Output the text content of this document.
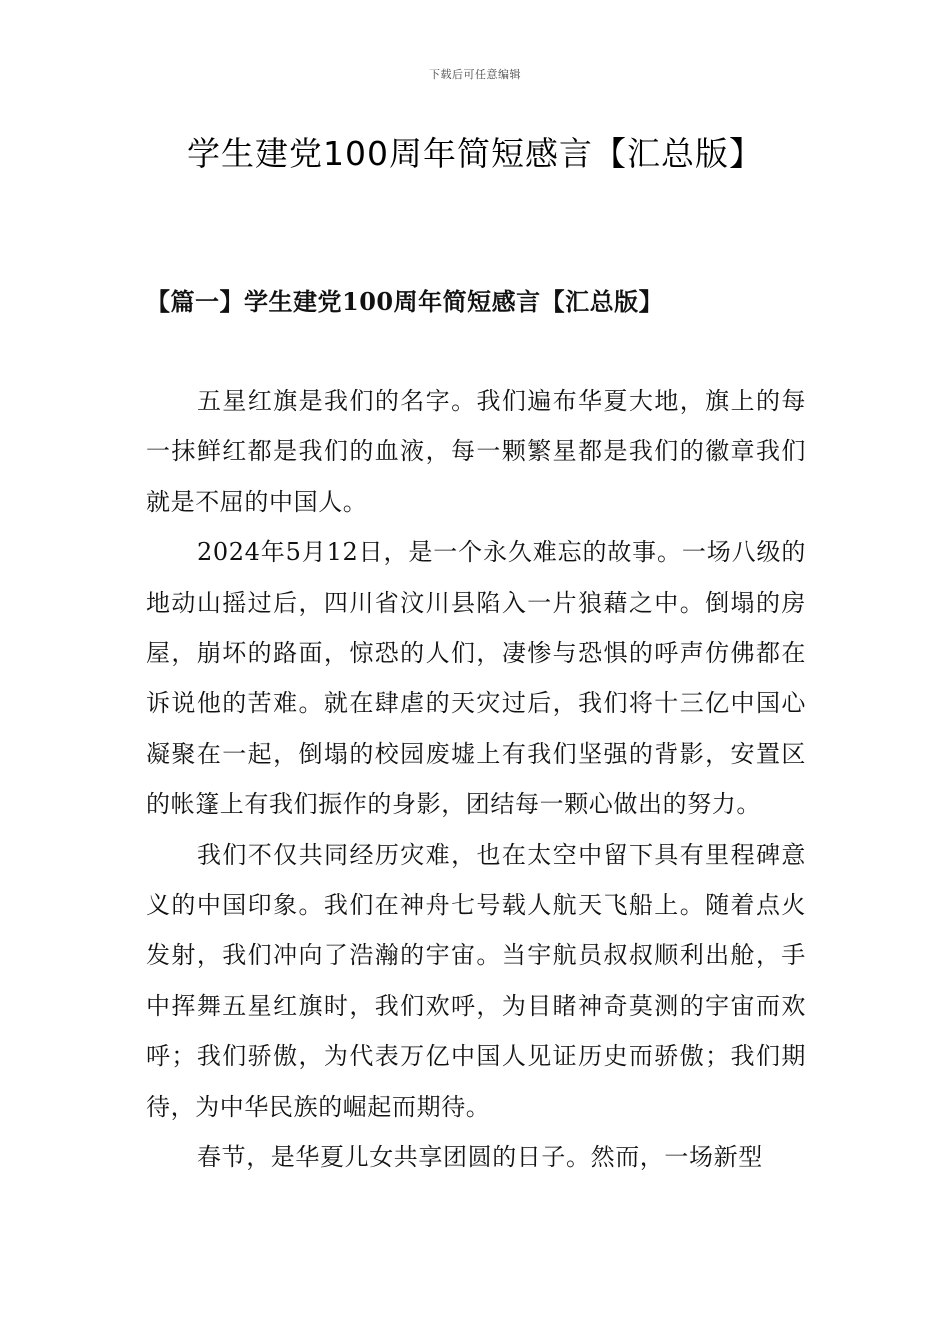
下载后可任意编辑
学生建党100周年简短感言【汇总版】
【篇一】学生建党100周年简短感言【汇总版】

五星红旗是我们的名字。我们遍布华夏大地，旗上的每一抹鲜红都是我们的血液，每一颗繁星都是我们的徽章我们就是不屈的中国人。

2024年5月12日，是一个永久难忘的故事。一场八级的地动山摇过后，四川省汶川县陷入一片狼藉之中。倒塌的房屋，崩坏的路面，惊恐的人们，凄惨与恐惧的呼声仿佛都在诉说他的苦难。就在肆虐的天灾过后，我们将十三亿中国心凝聚在一起，倒塌的校园废墟上有我们坚强的背影，安置区的帐篷上有我们振作的身影，团结每一颗心做出的努力。

我们不仅共同经历灾难，也在太空中留下具有里程碑意义的中国印象。我们在神舟七号载人航天飞船上。随着点火发射，我们冲向了浩瀚的宇宙。当宇航员叔叔顺利出舱，手中挥舞五星红旗时，我们欢呼，为目睹神奇莫测的宇宙而欢呼；我们骄傲，为代表万亿中国人见证历史而骄傲；我们期待，为中华民族的崛起而期待。

春节，是华夏儿女共享团圆的日子。然而，一场新型
